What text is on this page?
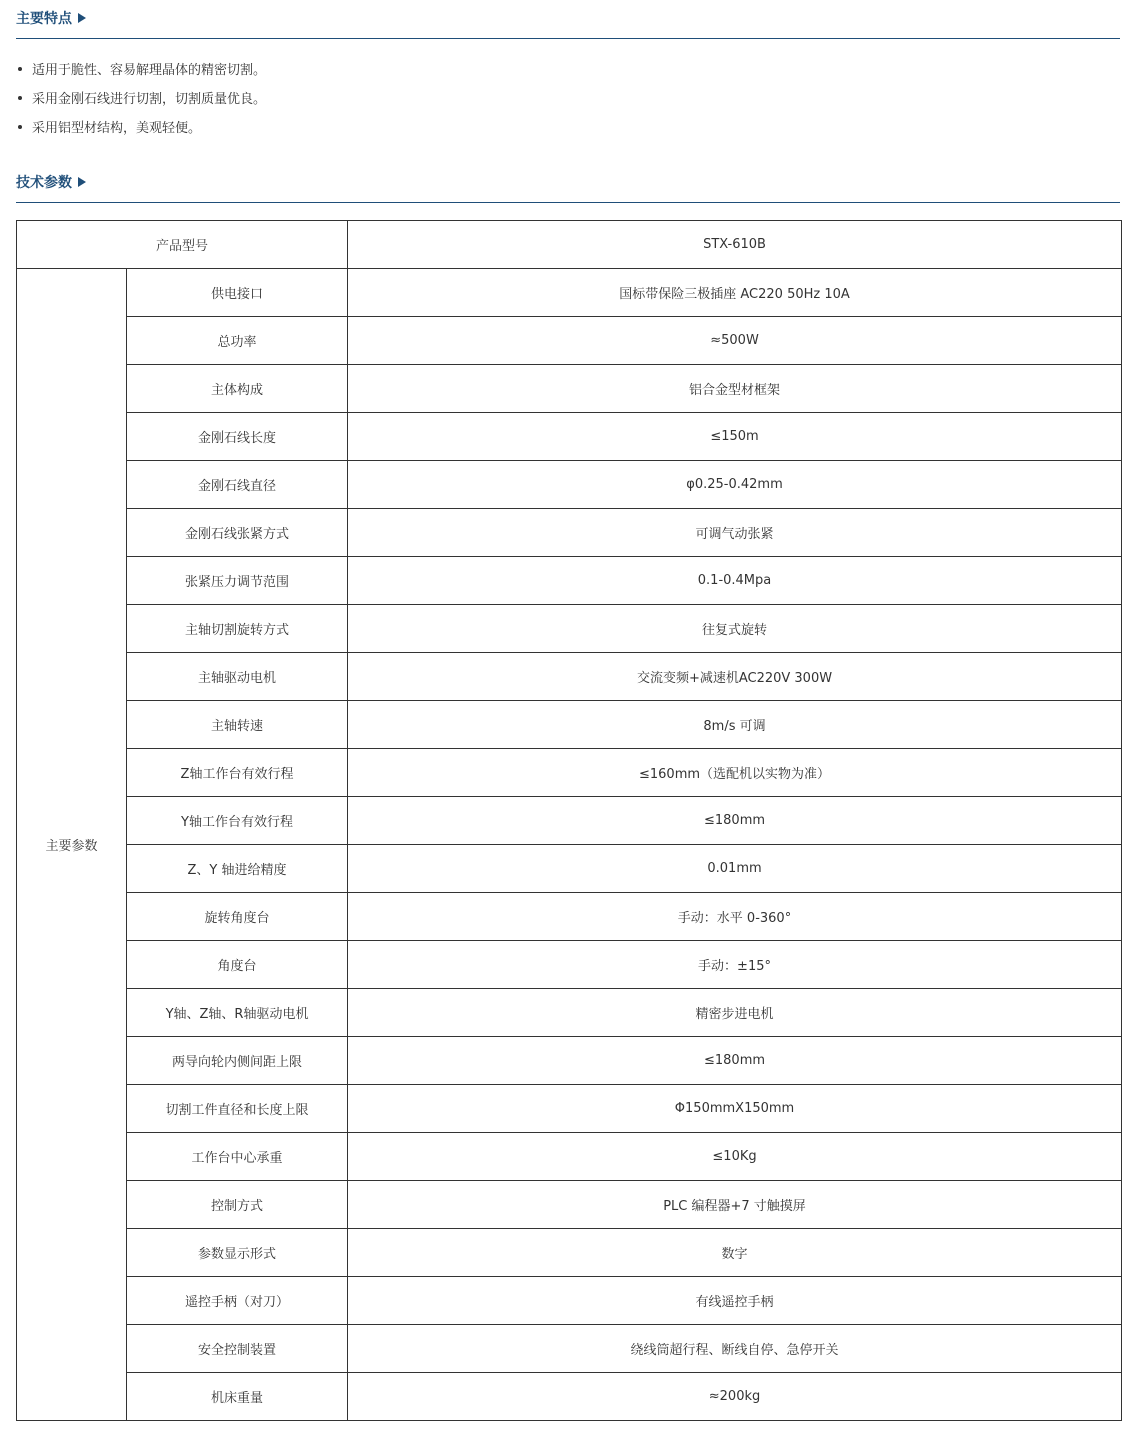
主要特点
适用于脆性、容易解理晶体的精密切割。
采用金刚石线进行切割，切割质量优良。
采用铝型材结构，美观轻便。
技术参数
产品型号		STX-610B
主要参数	供电接口	国标带保险三极插座 AC220 50Hz 10A
	总功率	≈500W
	主体构成	铝合金型材框架
	金刚石线长度	≤150m
	金刚石线直径	φ0.25-0.42mm
	金刚石线张紧方式	可调气动张紧
	张紧压力调节范围	0.1-0.4Mpa
	主轴切割旋转方式	往复式旋转
	主轴驱动电机	交流变频+减速机AC220V 300W
	主轴转速	8m/s 可调
	Z轴工作台有效行程	≤160mm（选配机以实物为准）
	Y轴工作台有效行程	≤180mm
	Z、Y 轴进给精度	0.01mm
	旋转角度台	手动：水平 0-360°
	角度台	手动：±15°
	Y轴、Z轴、R轴驱动电机	精密步进电机
	两导向轮内侧间距上限	≤180mm
	切割工件直径和长度上限	Φ150mmX150mm
	工作台中心承重	≤10Kg
	控制方式	PLC 编程器+7 寸触摸屏
	参数显示形式	数字
	遥控手柄（对刀）	有线遥控手柄
	安全控制装置	绕线筒超行程、断线自停、急停开关
	机床重量	≈200kg
